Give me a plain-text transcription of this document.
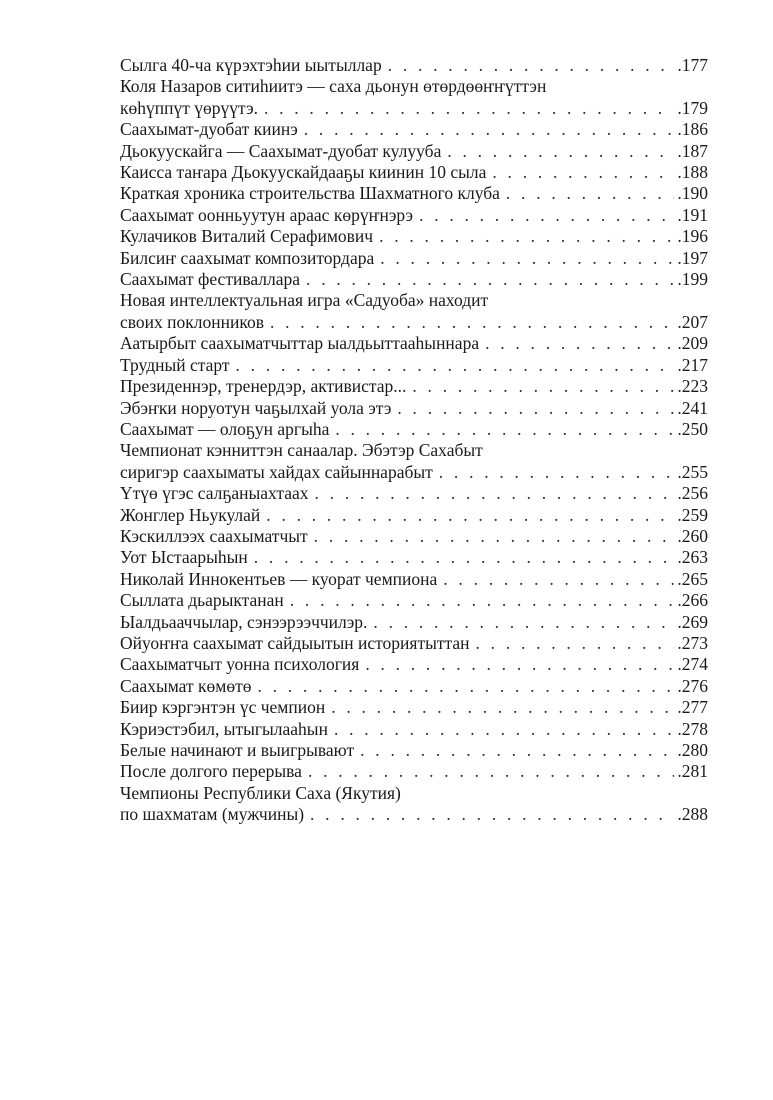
Сылга 40-ча күрэхтэһии ыытыллар . . .	.177
Коля Назаров ситиһиитэ — саха дьонун өтөрдөөҥҥүттэн
көһүппүт үөрүүтэ. . . .	.179
Саахымат-дуобат киинэ . . .	.186
Дьокуускайга — Саахымат-дуобат кулууба . . .	.187
Каисса таҥара Дьокуускайдааҕы киинин 10 сыла . . .	.188
Краткая хроника строительства Шахматного клуба . . .	.190
Саахымат оонньуутун араас көрүҥнэрэ . . .	.191
Кулачиков Виталий Серафимович . . .	.196
Билсиҥ саахымат композитордара . . .	.197
Саахымат фестиваллара . . .	.199
Новая интеллектуальная игра «Садуоба» находит
своих поклонников . . .	.207
Аатырбыт саахыматчыттар ыалдьыттааһыннара . . .	.209
Трудный старт . . .	.217
Президеннэр, тренердэр, активистар... . . .	.223
Эбэҥки норуотун чаҕылхай уола этэ . . .	.241
Саахымат — олоҕун аргыһа . . .	.250
Чемпионат кэнниттэн санаалар. Эбэтэр Сахабыт
сиригэр саахыматы хайдах сайыннарабыт . . .	.255
Үтүө үгэс салҕаныахтаах . . .	.256
Жонглер Ньукулай . . .	.259
Кэскиллээх саахыматчыт . . .	.260
Уот Ыстаарыһын . . .	.263
Николай Иннокентьев — куорат чемпиона . . .	.265
Сыллата дьарыктанан . . .	.266
Ыалдьааччылар, сэнээрээччилэр. . . .	.269
Ойуоҥҥа саахымат сайдыытын историятыттан . . .	.273
Саахыматчыт уонна психология . . .	.274
Саахымат көмөтө . . .	.276
Биир кэргэнтэн үс чемпион . . .	.277
Кэриэстэбил, ытыгылааһын . . .	.278
Белые начинают и выигрывают . . .	.280
После долгого перерыва . . .	.281
Чемпионы Республики Саха (Якутия)
по шахматам (мужчины) . . .	.288
